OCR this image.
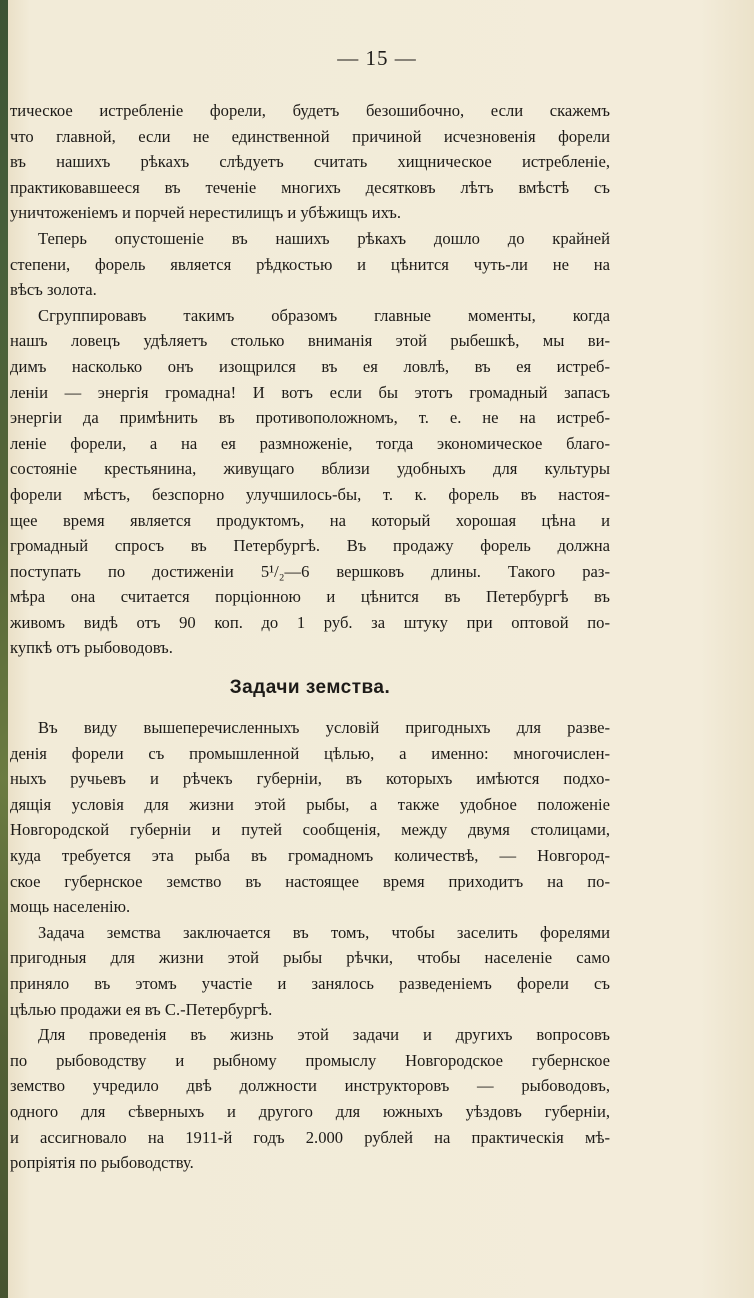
— 15 —
тическое истребленіе форели, будетъ безошибочно, если скажемъ
что главной, если не единственной причиной исчезновенія форели
въ нашихъ рѣкахъ слѣдуетъ считать хищническое истребленіе,
практиковавшееся въ теченіе многихъ десятковъ лѣтъ вмѣстѣ съ
уничтоженіемъ и порчей нерестилищъ и убѣжищъ ихъ.
Теперь опустошеніе въ нашихъ рѣкахъ дошло до крайней
степени, форель является рѣдкостью и цѣнится чуть-ли не на
вѣсъ золота.
Сгруппировавъ такимъ образомъ главные моменты, когда
нашъ ловецъ удѣляетъ столько вниманія этой рыбешкѣ, мы ви-
димъ насколько онъ изощрился въ ея ловлѣ, въ ея истреб-
леніи — энергія громадна! И вотъ если бы этотъ громадный запасъ
энергіи да примѣнить въ противоположномъ, т. е. не на истреб-
леніе форели, а на ея размноженіе, тогда экономическое благо-
состояніе крестьянина, живущаго вблизи удобныхъ для культуры
форели мѣстъ, безспорно улучшилось-бы, т. к. форель въ настоя-
щее время является продуктомъ, на который хорошая цѣна и
громадный спросъ въ Петербургѣ. Въ продажу форель должна
поступать по достиженіи 5¹/₂—6 вершковъ длины. Такого раз-
мѣра она считается порціонною и цѣнится въ Петербургѣ въ
живомъ видѣ отъ 90 коп. до 1 руб. за штуку при оптовой по-
купкѣ отъ рыбоводовъ.
Задачи земства.
Въ виду вышеперечисленныхъ условій пригодныхъ для разве-
денія форели съ промышленной цѣлью, а именно: многочислен-
ныхъ ручьевъ и рѣчекъ губерніи, въ которыхъ имѣются подхо-
дящія условія для жизни этой рыбы, а также удобное положеніе
Новгородской губерніи и путей сообщенія, между двумя столицами,
куда требуется эта рыба въ громадномъ количествѣ, — Новгород-
ское губернское земство въ настоящее время приходитъ на по-
мощь населенію.
Задача земства заключается въ томъ, чтобы заселить форелями
пригодныя для жизни этой рыбы рѣчки, чтобы населеніе само
приняло въ этомъ участіе и занялось разведеніемъ форели съ
цѣлью продажи ея въ С.-Петербургѣ.
Для проведенія въ жизнь этой задачи и другихъ вопросовъ
по рыбоводству и рыбному промыслу Новгородское губернское
земство учредило двѣ должности инструкторовъ — рыбоводовъ,
одного для сѣверныхъ и другого для южныхъ уѣздовъ губерніи,
и ассигновало на 1911-й годъ 2.000 рублей на практическія мѣ-
ропріятія по рыбоводству.
